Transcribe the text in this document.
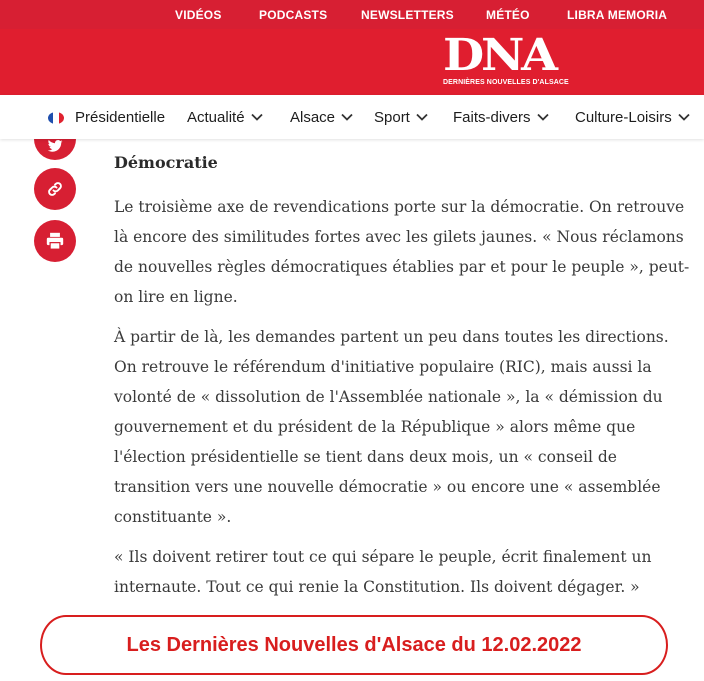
VIDÉOS	PODCASTS	NEWSLETTERS	MÉTÉO	LIBRA MEMORIA
DNA
DERNIÈRES NOUVELLES D'ALSACE
Présidentielle Actualité	Alsace	Sport	Faits-divers	Culture-Loisirs
Démocratie

Le troisième axe de revendications porte sur la démocratie. On retrouve là encore des similitudes fortes avec les gilets jaunes. « Nous réclamons de nouvelles règles démocratiques établies par et pour le peuple », peut-on lire en ligne.

À partir de là, les demandes partent un peu dans toutes les directions. On retrouve le référendum d'initiative populaire (RIC), mais aussi la volonté de « dissolution de l'Assemblée nationale », la « démission du gouvernement et du président de la République » alors même que l'élection présidentielle se tient dans deux mois, un « conseil de transition vers une nouvelle démocratie » ou encore une « assemblée constituante ».

« Ils doivent retirer tout ce qui sépare le peuple, écrit finalement un internaute. Tout ce qui renie la Constitution. Ils doivent dégager. »

Les Dernières Nouvelles d'Alsace du 12.02.2022
